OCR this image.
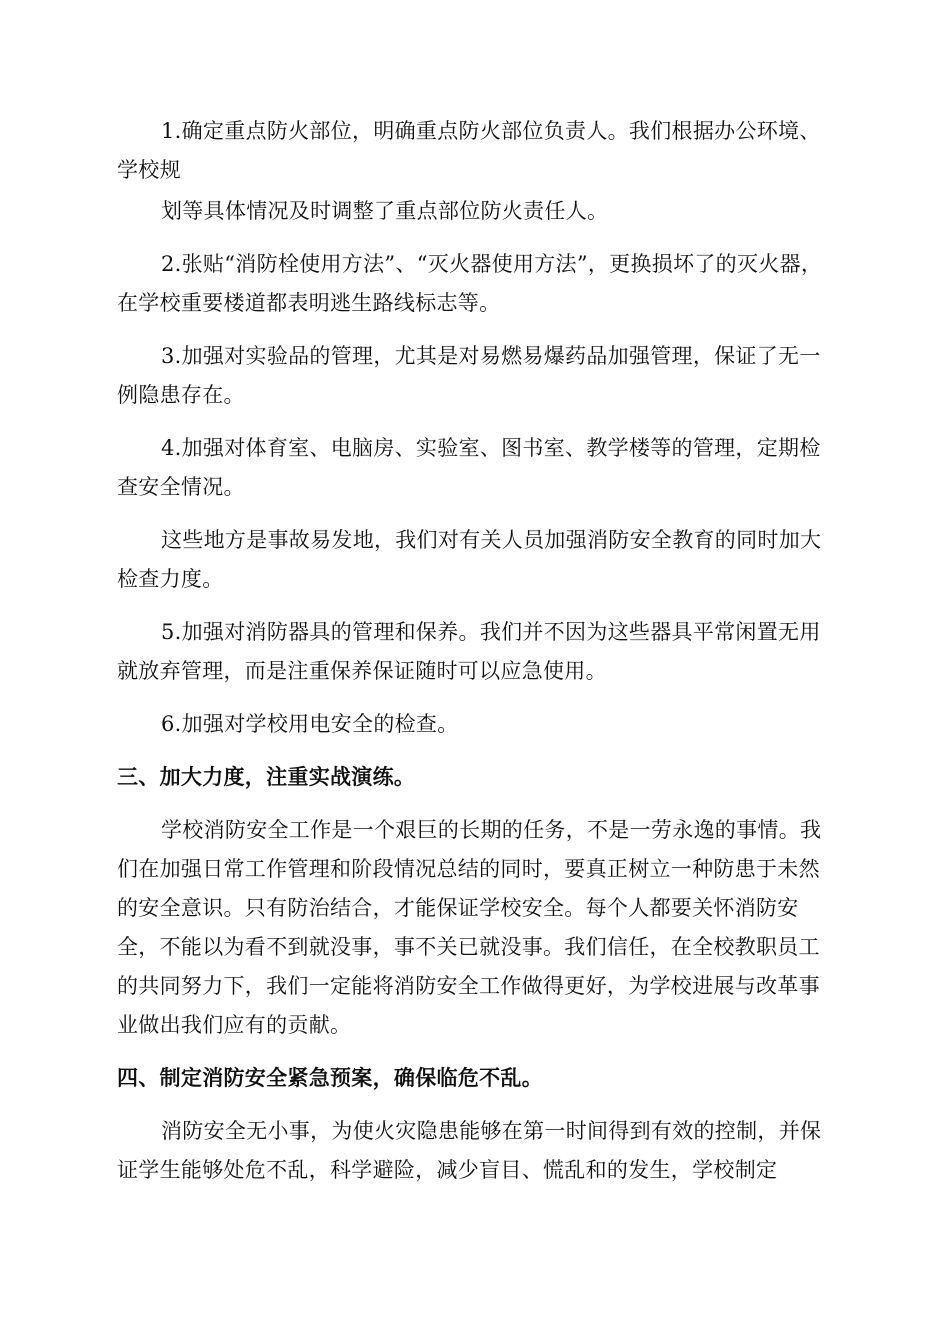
1.确定重点防火部位，明确重点防火部位负责人。我们根据办公环境、学校规

划等具体情况及时调整了重点部位防火责任人。

2.张贴“消防栓使用方法”、“灭火器使用方法”，更换损坏了的灭火器，在学校重要楼道都表明逃生路线标志等。

3.加强对实验品的管理，尤其是对易燃易爆药品加强管理，保证了无一例隐患存在。

4.加强对体育室、电脑房、实验室、图书室、教学楼等的管理，定期检查安全情况。

这些地方是事故易发地，我们对有关人员加强消防安全教育的同时加大检查力度。

5.加强对消防器具的管理和保养。我们并不因为这些器具平常闲置无用就放弃管理，而是注重保养保证随时可以应急使用。

6.加强对学校用电安全的检查。

三、加大力度，注重实战演练。

学校消防安全工作是一个艰巨的长期的任务，不是一劳永逸的事情。我们在加强日常工作管理和阶段情况总结的同时，要真正树立一种防患于未然的安全意识。只有防治结合，才能保证学校安全。每个人都要关怀消防安全，不能以为看不到就没事，事不关已就没事。我们信任，在全校教职员工的共同努力下，我们一定能将消防安全工作做得更好，为学校进展与改革事业做出我们应有的贡献。

四、制定消防安全紧急预案，确保临危不乱。

消防安全无小事，为使火灾隐患能够在第一时间得到有效的控制，并保证学生能够处危不乱，科学避险，减少盲目、慌乱和的发生，学校制定
